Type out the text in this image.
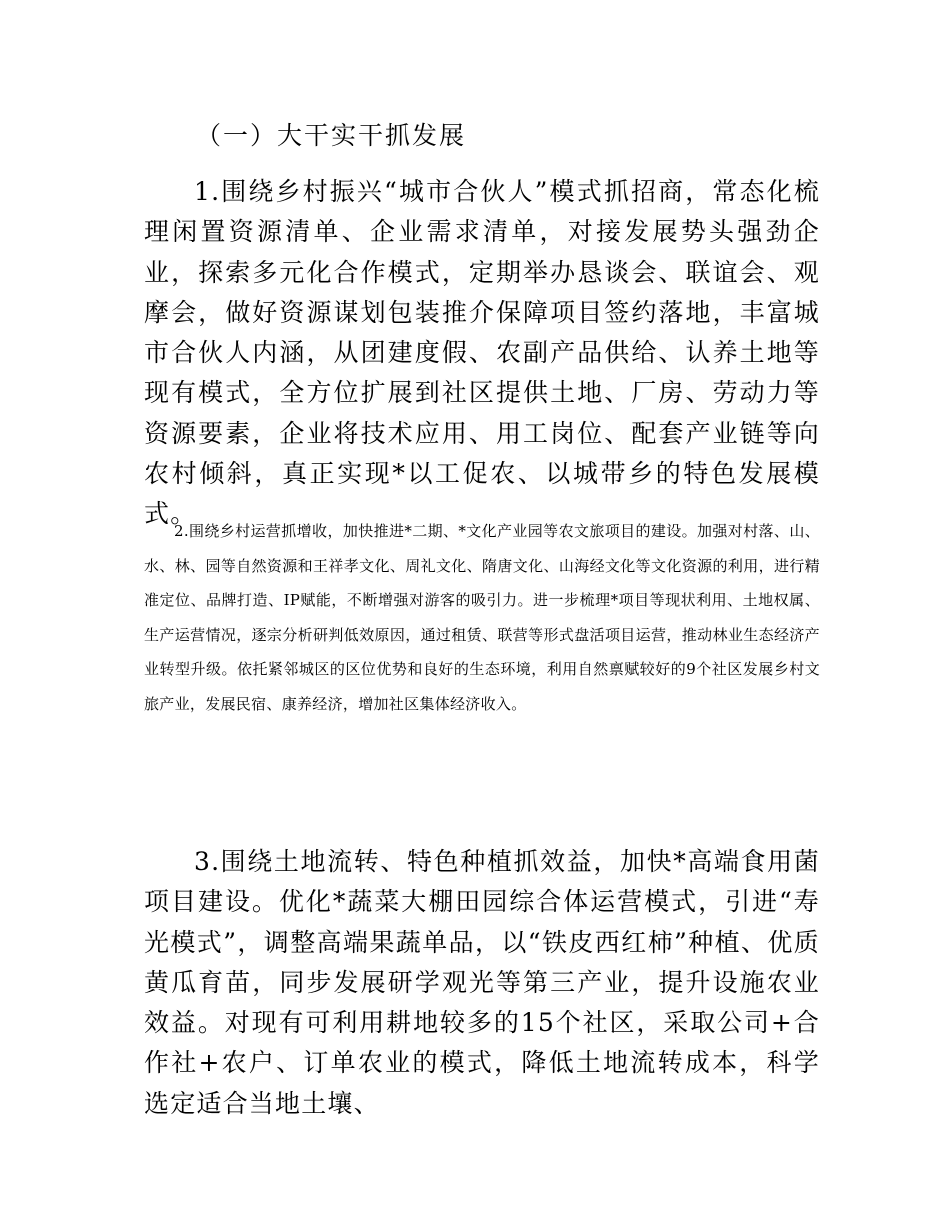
（一）大干实干抓发展

1.围绕乡村振兴“城市合伙人”模式抓招商，常态化梳理闲置资源清单、企业需求清单，对接发展势头强劲企业，探索多元化合作模式，定期举办恳谈会、联谊会、观摩会，做好资源谋划包装推介保障项目签约落地，丰富城市合伙人内涵，从团建度假、农副产品供给、认养土地等现有模式，全方位扩展到社区提供土地、厂房、劳动力等资源要素，企业将技术应用、用工岗位、配套产业链等向农村倾斜，真正实现*以工促农、以城带乡的特色发展模式。

2.围绕乡村运营抓增收，加快推进*二期、*文化产业园等农文旅项目的建设。加强对村落、山、水、林、园等自然资源和王祥孝文化、周礼文化、隋唐文化、山海经文化等文化资源的利用，进行精准定位、品牌打造、IP赋能，不断增强对游客的吸引力。进一步梳理*项目等现状利用、土地权属、生产运营情况，逐宗分析研判低效原因，通过租赁、联营等形式盘活项目运营，推动林业生态经济产业转型升级。依托紧邻城区的区位优势和良好的生态环境，利用自然禀赋较好的9个社区发展乡村文旅产业，发展民宿、康养经济，增加社区集体经济收入。

3.围绕土地流转、特色种植抓效益，加快*高端食用菌项目建设。优化*蔬菜大棚田园综合体运营模式，引进“寿光模式”，调整高端果蔬单品，以“铁皮西红柿”种植、优质黄瓜育苗，同步发展研学观光等第三产业，提升设施农业效益。对现有可利用耕地较多的15个社区，采取公司+合作社+农户、订单农业的模式，降低土地流转成本，科学选定适合当地土壤、
